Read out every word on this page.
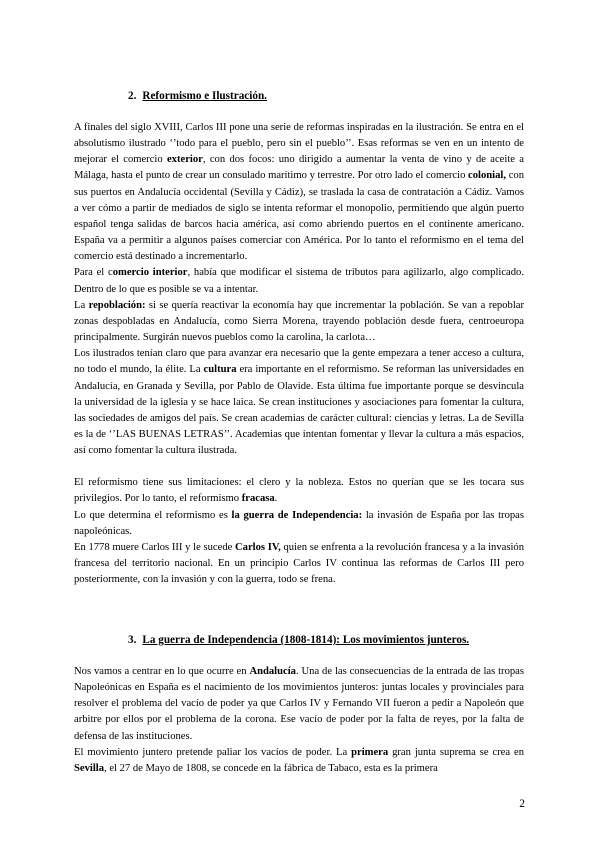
2. Reformismo e Ilustración.

A finales del siglo XVIII, Carlos III pone una serie de reformas inspiradas en la ilustración. Se entra en el absolutismo ilustrado ‘’todo para el pueblo, pero sin el pueblo’’. Esas reformas se ven en un intento de mejorar el comercio exterior, con dos focos: uno dirigido a aumentar la venta de vino y de aceite a Málaga, hasta el punto de crear un consulado marítimo y terrestre. Por otro lado el comercio colonial, con sus puertos en Andalucía occidental (Sevilla y Cádiz), se traslada la casa de contratación a Cádiz. Vamos a ver cómo a partir de mediados de siglo se intenta reformar el monopolio, permitiendo que algún puerto español tenga salidas de barcos hacia américa, así como abriendo puertos en el continente americano. España va a permitir a algunos países comerciar con América. Por lo tanto el reformismo en el tema del comercio está destinado a incrementarlo.

Para el comercio interior, había que modificar el sistema de tributos para agilizarlo, algo complicado. Dentro de lo que es posible se va a intentar.

La repoblación: si se quería reactivar la economía hay que incrementar la población. Se van a repoblar zonas despobladas en Andalucía, como Sierra Morena, trayendo población desde fuera, centroeuropa principalmente. Surgirán nuevos pueblos como la carolina, la carlota…

Los ilustrados tenían claro que para avanzar era necesario que la gente empezara a tener acceso a cultura, no todo el mundo, la élite. La cultura era importante en el reformismo. Se reforman las universidades en Andalucía, en Granada y Sevilla, por Pablo de Olavide. Esta última fue importante porque se desvincula la universidad de la iglesia y se hace laica. Se crean instituciones y asociaciones para fomentar la cultura, las sociedades de amigos del país. Se crean academias de carácter cultural: ciencias y letras. La de Sevilla es la de ‘’LAS BUENAS LETRAS’’. Academias que intentan fomentar y llevar la cultura a más espacios, así como fomentar la cultura ilustrada.

El reformismo tiene sus limitaciones: el clero y la nobleza. Estos no querían que se les tocara sus privilegios. Por lo tanto, el reformismo fracasa.

Lo que determina el reformismo es la guerra de Independencia: la invasión de España por las tropas napoleónicas.

En 1778 muere Carlos III y le sucede Carlos IV, quien se enfrenta a la revolución francesa y a la invasión francesa del territorio nacional. En un principio Carlos IV continua las reformas de Carlos III pero posteriormente, con la invasión y con la guerra, todo se frena.

3. La guerra de Independencia (1808-1814): Los movimientos junteros.

Nos vamos a centrar en lo que ocurre en Andalucía. Una de las consecuencias de la entrada de las tropas Napoleónicas en España es el nacimiento de los movimientos junteros: juntas locales y provinciales para resolver el problema del vacío de poder ya que Carlos IV y Fernando VII fueron a pedir a Napoleón que arbitre por ellos por el problema de la corona. Ese vacío de poder por la falta de reyes, por la falta de defensa de las instituciones.

El movimiento juntero pretende paliar los vacíos de poder. La primera gran junta suprema se crea en Sevilla, el 27 de Mayo de 1808, se concede en la fábrica de Tabaco, esta es la primera

2
